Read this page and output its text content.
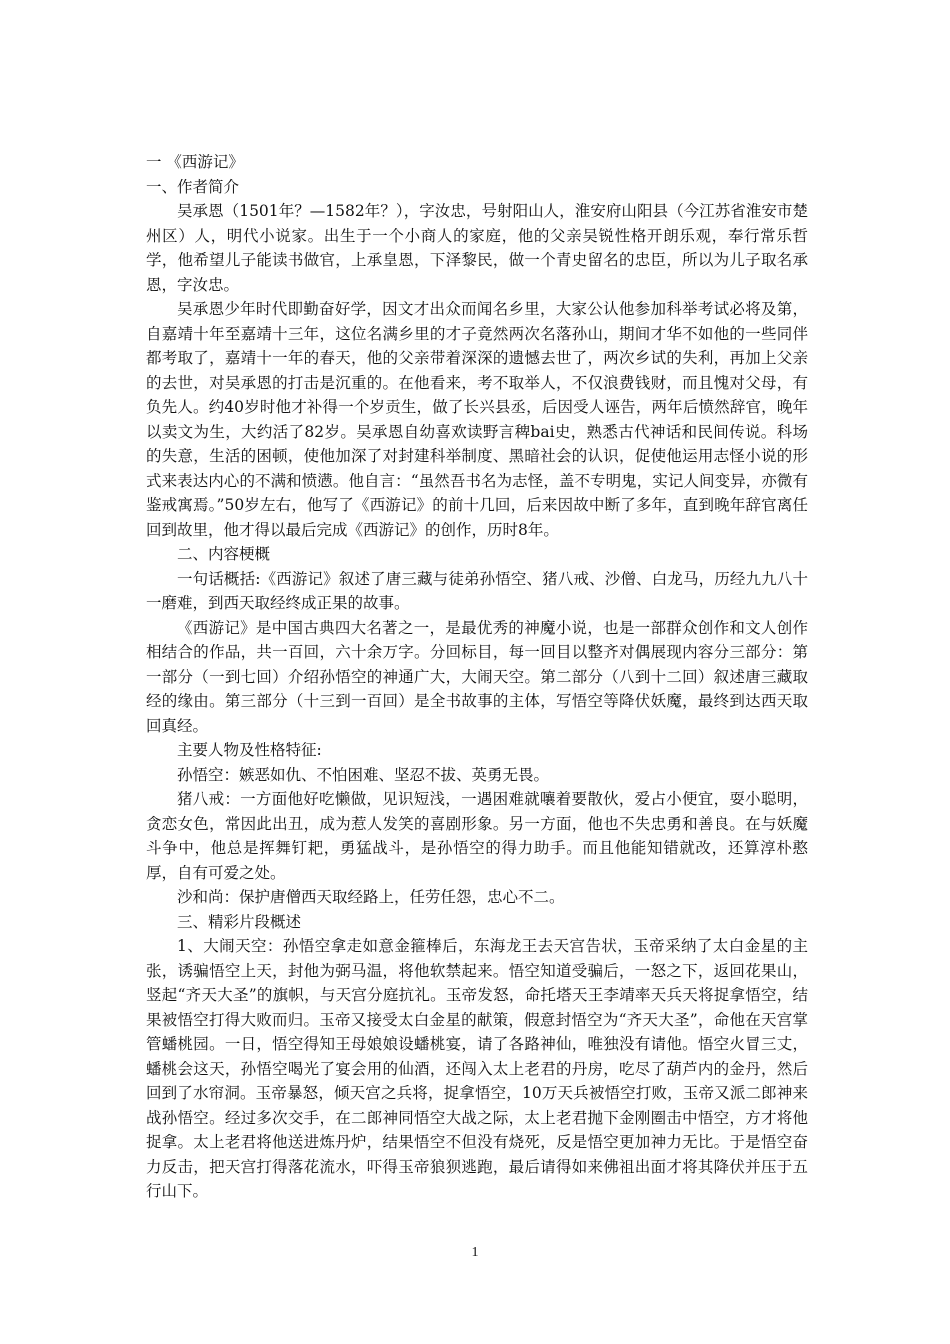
一 《西游记》

一、作者简介

吴承恩（1501年？—1582年？），字汝忠，号射阳山人，淮安府山阳县（今江苏省淮安市楚州区）人，明代小说家。出生于一个小商人的家庭，他的父亲吴锐性格开朗乐观，奉行常乐哲学，他希望儿子能读书做官，上承皇恩，下泽黎民，做一个青史留名的忠臣，所以为儿子取名承恩，字汝忠。

吴承恩少年时代即勤奋好学，因文才出众而闻名乡里，大家公认他参加科举考试必将及第，自嘉靖十年至嘉靖十三年，这位名满乡里的才子竟然两次名落孙山，期间才华不如他的一些同伴都考取了，嘉靖十一年的春天，他的父亲带着深深的遗憾去世了，两次乡试的失利，再加上父亲的去世，对吴承恩的打击是沉重的。在他看来，考不取举人，不仅浪费钱财，而且愧对父母，有负先人。约40岁时他才补得一个岁贡生，做了长兴县丞，后因受人诬告，两年后愤然辞官，晚年以卖文为生，大约活了82岁。吴承恩自幼喜欢读野言稗bai史，熟悉古代神话和民间传说。科场的失意，生活的困顿，使他加深了对封建科举制度、黑暗社会的认识，促使他运用志怪小说的形式来表达内心的不满和愤懑。他自言：“虽然吾书名为志怪，盖不专明鬼，实记人间变异，亦微有鉴戒寓焉。”50岁左右，他写了《西游记》的前十几回，后来因故中断了多年，直到晚年辞官离任回到故里，他才得以最后完成《西游记》的创作，历时8年。

二、内容梗概

一句话概括:《西游记》叙述了唐三藏与徒弟孙悟空、猪八戒、沙僧、白龙马，历经九九八十一磨难，到西天取经终成正果的故事。

《西游记》是中国古典四大名著之一，是最优秀的神魔小说，也是一部群众创作和文人创作相结合的作品，共一百回，六十余万字。分回标目，每一回目以整齐对偶展现内容分三部分：第一部分（一到七回）介绍孙悟空的神通广大，大闹天空。第二部分（八到十二回）叙述唐三藏取经的缘由。第三部分（十三到一百回）是全书故事的主体，写悟空等降伏妖魔，最终到达西天取回真经。

主要人物及性格特征:

孙悟空：嫉恶如仇、不怕困难、坚忍不拔、英勇无畏。

猪八戒：一方面他好吃懒做，见识短浅，一遇困难就嚷着要散伙，爱占小便宜，耍小聪明，贪恋女色，常因此出丑，成为惹人发笑的喜剧形象。另一方面，他也不失忠勇和善良。在与妖魔斗争中，他总是挥舞钉耙，勇猛战斗，是孙悟空的得力助手。而且他能知错就改，还算淳朴憨厚，自有可爱之处。

沙和尚：保护唐僧西天取经路上，任劳任怨，忠心不二。

三、精彩片段概述

1、大闹天空：孙悟空拿走如意金箍棒后，东海龙王去天宫告状，玉帝采纳了太白金星的主张，诱骗悟空上天，封他为弼马温，将他软禁起来。悟空知道受骗后，一怒之下，返回花果山，竖起“齐天大圣”的旗帜，与天宫分庭抗礼。玉帝发怒，命托塔天王李靖率天兵天将捉拿悟空，结果被悟空打得大败而归。玉帝又接受太白金星的献策，假意封悟空为“齐天大圣”，命他在天宫掌管蟠桃园。一日，悟空得知王母娘娘设蟠桃宴，请了各路神仙，唯独没有请他。悟空火冒三丈，蟠桃会这天，孙悟空喝光了宴会用的仙酒，还闯入太上老君的丹房，吃尽了葫芦内的金丹，然后回到了水帘洞。玉帝暴怒，倾天宫之兵将，捉拿悟空，10万天兵被悟空打败，玉帝又派二郎神来战孙悟空。经过多次交手，在二郎神同悟空大战之际，太上老君抛下金刚圈击中悟空，方才将他捉拿。太上老君将他送进炼丹炉，结果悟空不但没有烧死，反是悟空更加神力无比。于是悟空奋力反击，把天宫打得落花流水，吓得玉帝狼狈逃跑，最后请得如来佛祖出面才将其降伏并压于五行山下。

1
